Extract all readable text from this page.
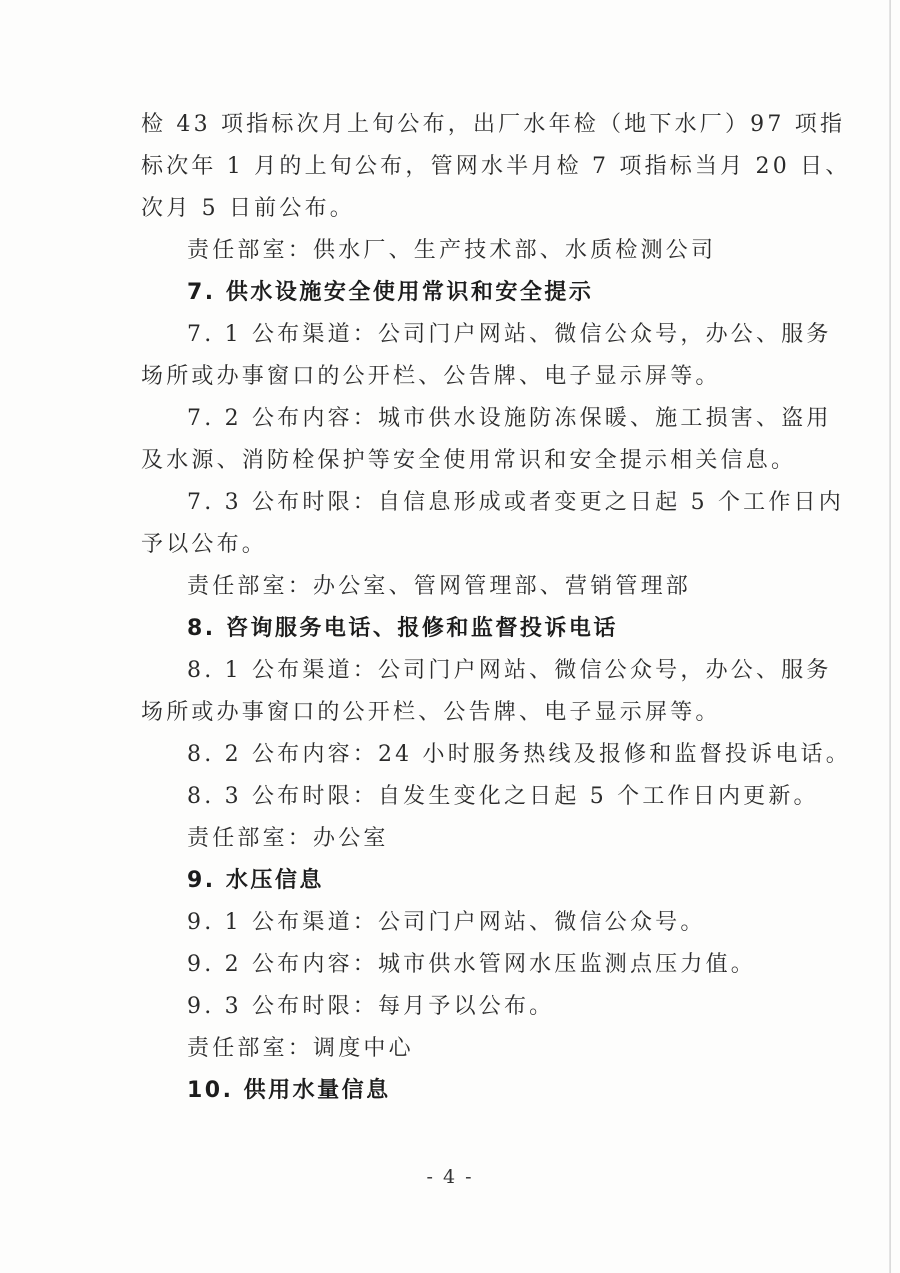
检 43 项指标次月上旬公布，出厂水年检（地下水厂）97 项指
标次年 1 月的上旬公布，管网水半月检 7 项指标当月 20 日、
次月 5 日前公布。
责任部室：供水厂、生产技术部、水质检测公司
7. 供水设施安全使用常识和安全提示
7. 1 公布渠道：公司门户网站、微信公众号，办公、服务
场所或办事窗口的公开栏、公告牌、电子显示屏等。
7. 2 公布内容：城市供水设施防冻保暖、施工损害、盗用
及水源、消防栓保护等安全使用常识和安全提示相关信息。
7. 3 公布时限：自信息形成或者变更之日起 5 个工作日内
予以公布。
责任部室：办公室、管网管理部、营销管理部
8. 咨询服务电话、报修和监督投诉电话
8. 1 公布渠道：公司门户网站、微信公众号，办公、服务
场所或办事窗口的公开栏、公告牌、电子显示屏等。
8. 2 公布内容：24 小时服务热线及报修和监督投诉电话。
8. 3 公布时限：自发生变化之日起 5 个工作日内更新。
责任部室：办公室
9. 水压信息
9. 1 公布渠道：公司门户网站、微信公众号。
9. 2 公布内容：城市供水管网水压监测点压力值。
9. 3 公布时限：每月予以公布。
责任部室：调度中心
10. 供用水量信息
- 4 -
